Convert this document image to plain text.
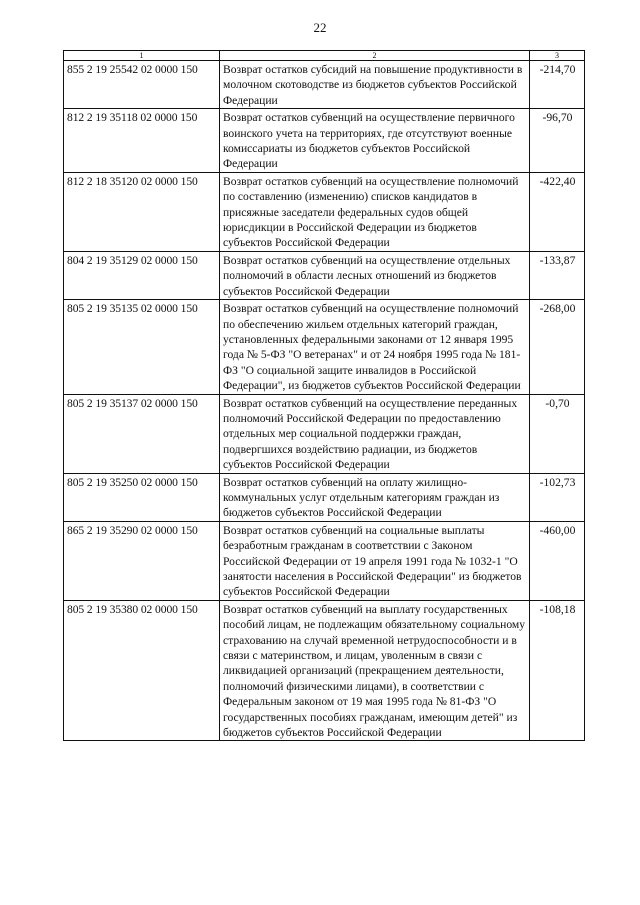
22
1	2	3
855 2 19 25542 02 0000 150	Возврат остатков субсидий на повышение продуктивности в молочном скотоводстве из бюджетов субъектов Российской Федерации	-214,70
812 2 19 35118 02 0000 150	Возврат остатков субвенций на осуществление первичного воинского учета на территориях, где отсутствуют военные комиссариаты из бюджетов субъектов Российской Федерации	-96,70
812 2 18 35120 02 0000 150	Возврат остатков субвенций на осуществление полномочий по составлению (изменению) списков кандидатов в присяжные заседатели федеральных судов общей юрисдикции в Российской Федерации из бюджетов субъектов Российской Федерации	-422,40
804 2 19 35129 02 0000 150	Возврат остатков субвенций на осуществление отдельных полномочий в области лесных отношений из бюджетов субъектов Российской Федерации	-133,87
805 2 19 35135 02 0000 150	Возврат остатков субвенций на осуществление полномочий по обеспечению жильем отдельных категорий граждан, установленных федеральными законами от 12 января 1995 года № 5-ФЗ "О ветеранах" и от 24 ноября 1995 года № 181-ФЗ "О социальной защите инвалидов в Российской Федерации", из бюджетов субъектов Российской Федерации	-268,00
805 2 19 35137 02 0000 150	Возврат остатков субвенций на осуществление переданных полномочий Российской Федерации по предоставлению отдельных мер социальной поддержки граждан, подвергшихся воздействию радиации, из бюджетов субъектов Российской Федерации	-0,70
805 2 19 35250 02 0000 150	Возврат остатков субвенций на оплату жилищно-коммунальных услуг отдельным категориям граждан из бюджетов субъектов Российской Федерации	-102,73
865 2 19 35290 02 0000 150	Возврат остатков субвенций на социальные выплаты безработным гражданам в соответствии с Законом Российской Федерации от 19 апреля 1991 года № 1032-1 "О занятости населения в Российской Федерации" из бюджетов субъектов Российской Федерации	-460,00
805 2 19 35380 02 0000 150	Возврат остатков субвенций на выплату государственных пособий лицам, не подлежащим обязательному социальному страхованию на случай временной нетрудоспособности и в связи с материнством, и лицам, уволенным в связи с ликвидацией организаций (прекращением деятельности, полномочий физическими лицами), в соответствии с Федеральным законом от 19 мая 1995 года № 81-ФЗ "О государственных пособиях гражданам, имеющим детей" из бюджетов субъектов Российской Федерации	-108,18
